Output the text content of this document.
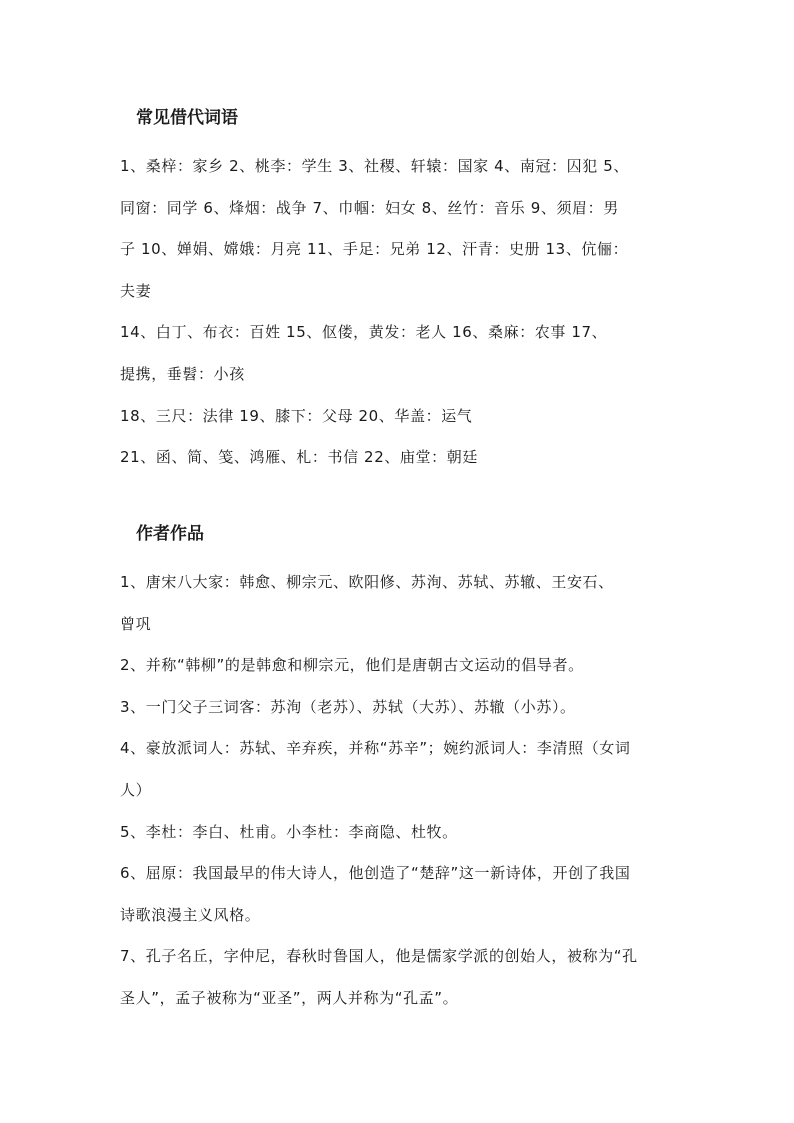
常见借代词语

1、桑梓：家乡 2、桃李：学生 3、社稷、轩辕：国家 4、南冠：囚犯 5、
同窗：同学 6、烽烟：战争 7、巾帼：妇女 8、丝竹：音乐 9、须眉：男
子 10、婵娟、嫦娥：月亮 11、手足：兄弟 12、汗青：史册 13、伉俪：
夫妻

14、白丁、布衣：百姓 15、伛偻，黄发：老人 16、桑麻：农事 17、
提携，垂髫：小孩

18、三尺：法律 19、膝下：父母 20、华盖：运气

21、函、简、笺、鸿雁、札：书信 22、庙堂：朝廷

作者作品

1、唐宋八大家：韩愈、柳宗元、欧阳修、苏洵、苏轼、苏辙、王安石、
曾巩

2、并称“韩柳”的是韩愈和柳宗元，他们是唐朝古文运动的倡导者。

3、一门父子三词客：苏洵（老苏）、苏轼（大苏）、苏辙（小苏）。

4、豪放派词人：苏轼、辛弃疾，并称“苏辛”；婉约派词人：李清照（女词
人）

5、李杜：李白、杜甫。小李杜：李商隐、杜牧。

6、屈原：我国最早的伟大诗人，他创造了“楚辞”这一新诗体，开创了我国
诗歌浪漫主义风格。

7、孔子名丘，字仲尼，春秋时鲁国人，他是儒家学派的创始人，被称为“孔
圣人”，孟子被称为“亚圣”，两人并称为“孔孟”。
